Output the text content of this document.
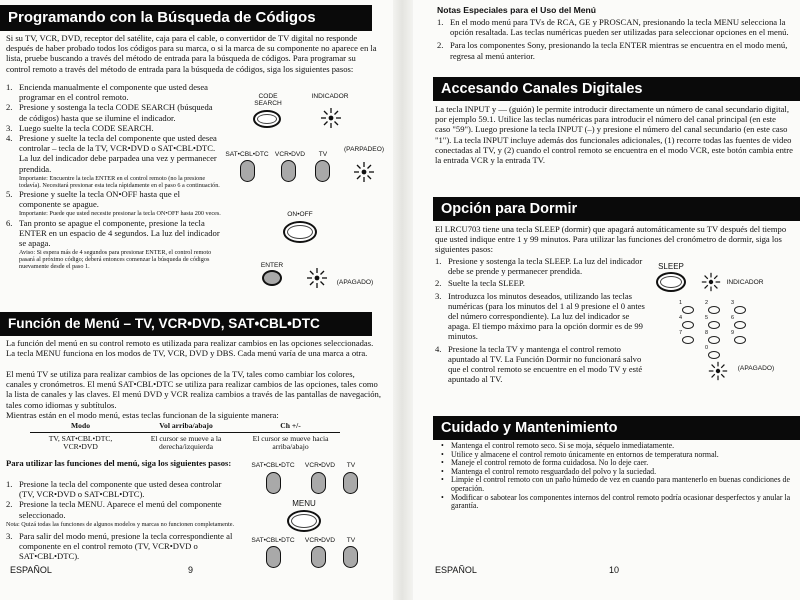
Programando con la Búsqueda de Códigos

Si su TV, VCR, DVD, receptor del satélite, caja para el cable, o convertidor de TV digital no responde después de haber probado todos los códigos para su marca, o si la marca de su componente no aparece en la lista, pruebe buscando a través del método de entrada para la búsqueda de códigos. Para programar su control remoto a través del método de entrada para la búsqueda de códigos, siga los siguientes pasos:

1. Encienda manualmente el componente que usted desea programar en el control remoto.
2. Presione y sostenga la tecla CODE SEARCH (búsqueda de códigos) hasta que se ilumine el indicador.
3. Luego suelte la tecla CODE SEARCH.
4. Presione y suelte la tecla del componente que usted desea controlar – tecla de la TV, VCR•DVD o SAT•CBL•DTC. La luz del indicador debe parpadea una vez y permanecer prendida.
Importante: Encuentre la tecla ENTER en el control remoto (no la presione todavía). Necesitará presionar esta tecla rápidamente en el paso 6 a continuación.
5. Presione y suelte la tecla ON•OFF hasta que el componente se apague.
Importante: Puede que usted necesite presionar la tecla ON•OFF hasta 200 veces.
6. Tan pronto se apague el componente, presione la tecla ENTER en un espacio de 4 segundos. La luz del indicador se apaga.
Aviso: Si espera más de 4 segundos para presionar ENTER, el control remoto pasará al próximo código; deberá entonces comenzar la búsqueda de códigos nuevamente desde el paso 1.
CODE SEARCH
INDICADOR
SAT•CBL•DTC VCR•DVD	TV
(PARPADEO)
ON•OFF
ENTER
(APAGADO)
Función de Menú – TV, VCR•DVD, SAT•CBL•DTC

La función del menú en su control remoto es utilizada para realizar cambios en las opciones seleccionadas. La tecla MENU funciona en los modos de TV, VCR, DVD y DBS. Cada menú varía de una marca a otra.

El menú TV se utiliza para realizar cambios de las opciones de la TV, tales como cambiar los colores, canales y cronómetros. El menú SAT•CBL•DTC se utiliza para realizar cambios de las opciones, tales como la lista de canales y las claves. El menú DVD y VCR realiza cambios a través de las pantallas de navegación, tales como idiomas y subtítulos.

Mientras están en el modo menú, estas teclas funcionan de la siguiente manera:

Modo	Vol arriba/abajo	Ch +/-
TV, SAT•CBL•DTC, VCR•DVD	El cursor se mueve a la derecha/izquierda	El cursor se mueve hacia arriba/abajo

Para utilizar las funciones del menú, siga los siguientes pasos:

1. Presione la tecla del componente que usted desea controlar (TV, VCR•DVD o SAT•CBL•DTC).
2. Presione la tecla MENU. Aparece el menú del componente seleccionado.
Nota: Quizá todas las funciones de algunos modelos y marcas no funcionen completamente.
3. Para salir del modo menú, presione la tecla correspondiente al componente en el control remoto (TV, VCR•DVD o SAT•CBL•DTC).
SAT•CBL•DTC	VCR•DVD	TV
MENU
SAT•CBL•DTC	VCR•DVD	TV
ESPAÑOL	9

Notas Especiales para el Uso del Menú

1. En el modo menú para TVs de RCA, GE y PROSCAN, presionando la tecla MENU selecciona la opción resaltada. Las teclas numéricas pueden ser utilizadas para seleccionar opciones en el menú.
2. Para los componentes Sony, presionando la tecla ENTER mientras se encuentra en el modo menú, regresa al menú anterior.
Accesando Canales Digitales

La tecla INPUT y — (guión) le permite introducir directamente un número de canal secundario digital, por ejemplo 59.1. Utilice las teclas numéricas para introducir el número del canal principal (en este caso "59"). Luego presione la tecla INPUT (–) y presione el número del canal secundario (en este caso "1"). La tecla INPUT incluye además dos funcionales adicionales, (1) recorre todas las fuentes de video conectadas al TV, y (2) cuando el control remoto se encuentra en el modo VCR, este botón cambia entre la entrada VCR y la entrada TV.

Opción para Dormir

El LRCU703 tiene una tecla SLEEP (dormir) que apagará automáticamente su TV después del tiempo que usted indique entre 1 y 99 minutos. Para utilizar las funciones del cronómetro de dormir, siga los siguientes pasos:

1. Presione y sostenga la tecla SLEEP. La luz del indicador debe se prende y permanecer prendida.
2. Suelte la tecla SLEEP.
3. Introduzca los minutos deseados, utilizando las teclas numéricas (para los minutos del 1 al 9 presione el 0 antes del número correspondiente). La luz del indicador se apaga. El tiempo máximo para la opción dormir es de 99 minutos.
4. Presione la tecla TV y mantenga el control remoto apuntado al TV. La Función Dormir no funcionará salvo que el control remoto se encuentre en el modo TV y esté apuntado al TV.
SLEEP
INDICADOR
1	2	3
4	5	6
7	8	9
0
(APAGADO)
Cuidado y Mantenimiento
• Mantenga el control remoto seco. Si se moja, séquelo inmediatamente.
• Utilice y almacene el control remoto únicamente en entornos de temperatura normal.
• Maneje el control remoto de forma cuidadosa. No lo deje caer.
• Mantenga el control remoto resguardado del polvo y la suciedad.
• Limpie el control remoto con un paño húmedo de vez en cuando para mantenerlo en buenas condiciones de operación.
• Modificar o sabotear los componentes internos del control remoto podría ocasionar desperfectos y anular la garantía.
ESPAÑOL	10
